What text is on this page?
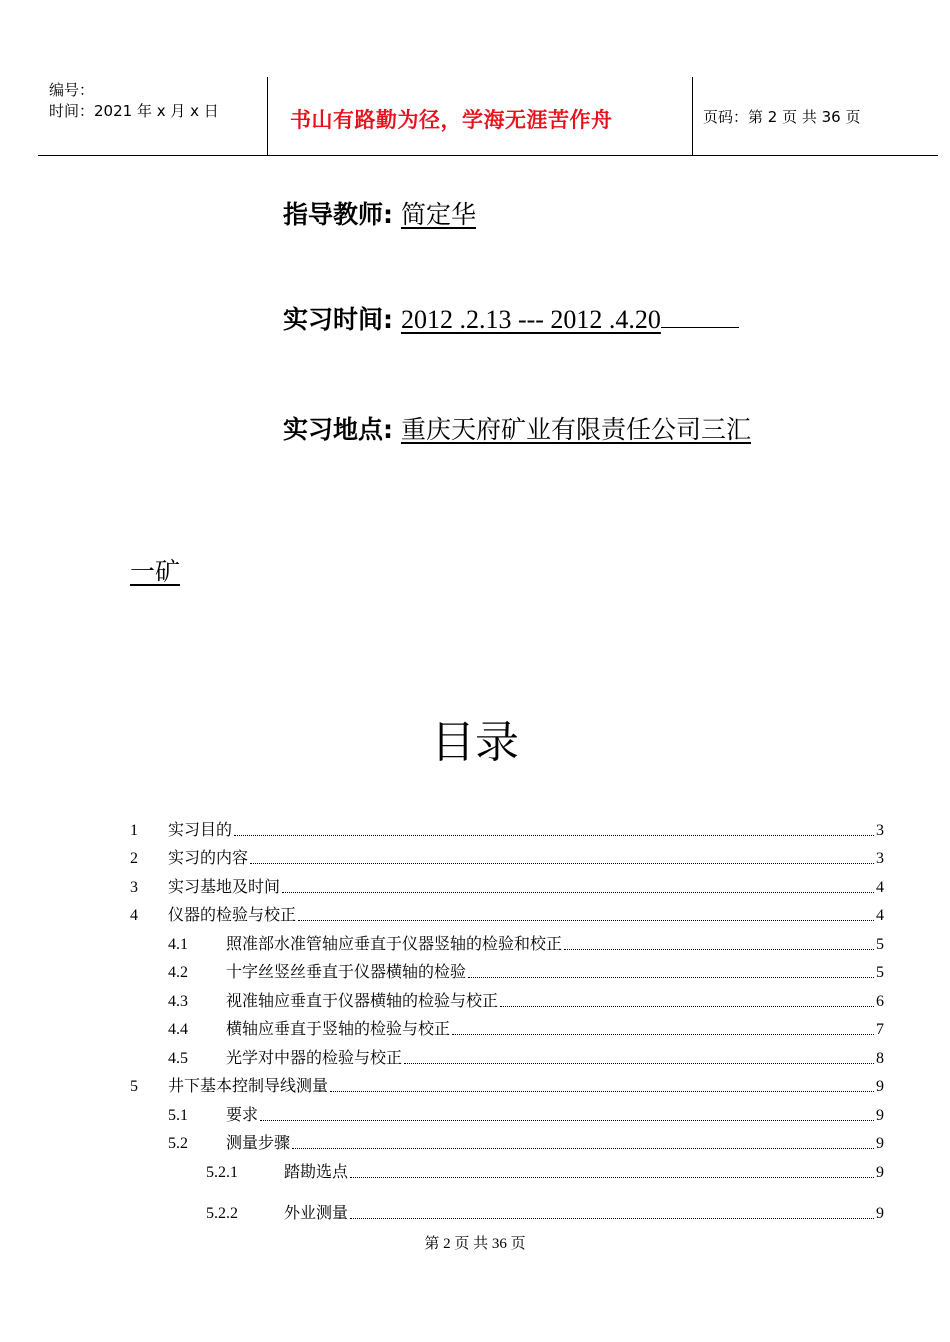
编号：
时间：2021 年 x 月 x 日	书山有路勤为径，学海无涯苦作舟	页码：第 2 页 共 36 页
指导教师: 简定华
实习时间: 2012 .2.13 --- 2012 .4.20
实习地点: 重庆天府矿业有限责任公司三汇
一矿
目录
1 实习目的	3
2 实习的内容	3
3 实习基地及时间	4
4 仪器的检验与校正	4
4.1 照准部水准管轴应垂直于仪器竖轴的检验和校正	5
4.2 十字丝竖丝垂直于仪器横轴的检验	5
4.3 视准轴应垂直于仪器横轴的检验与校正	6
4.4 横轴应垂直于竖轴的检验与校正	7
4.5 光学对中器的检验与校正	8
5 井下基本控制导线测量	9
5.1 要求	9
5.2 测量步骤	9
5.2.1	踏勘选点	9
5.2.2	外业测量	9
第 2 页 共 36 页
